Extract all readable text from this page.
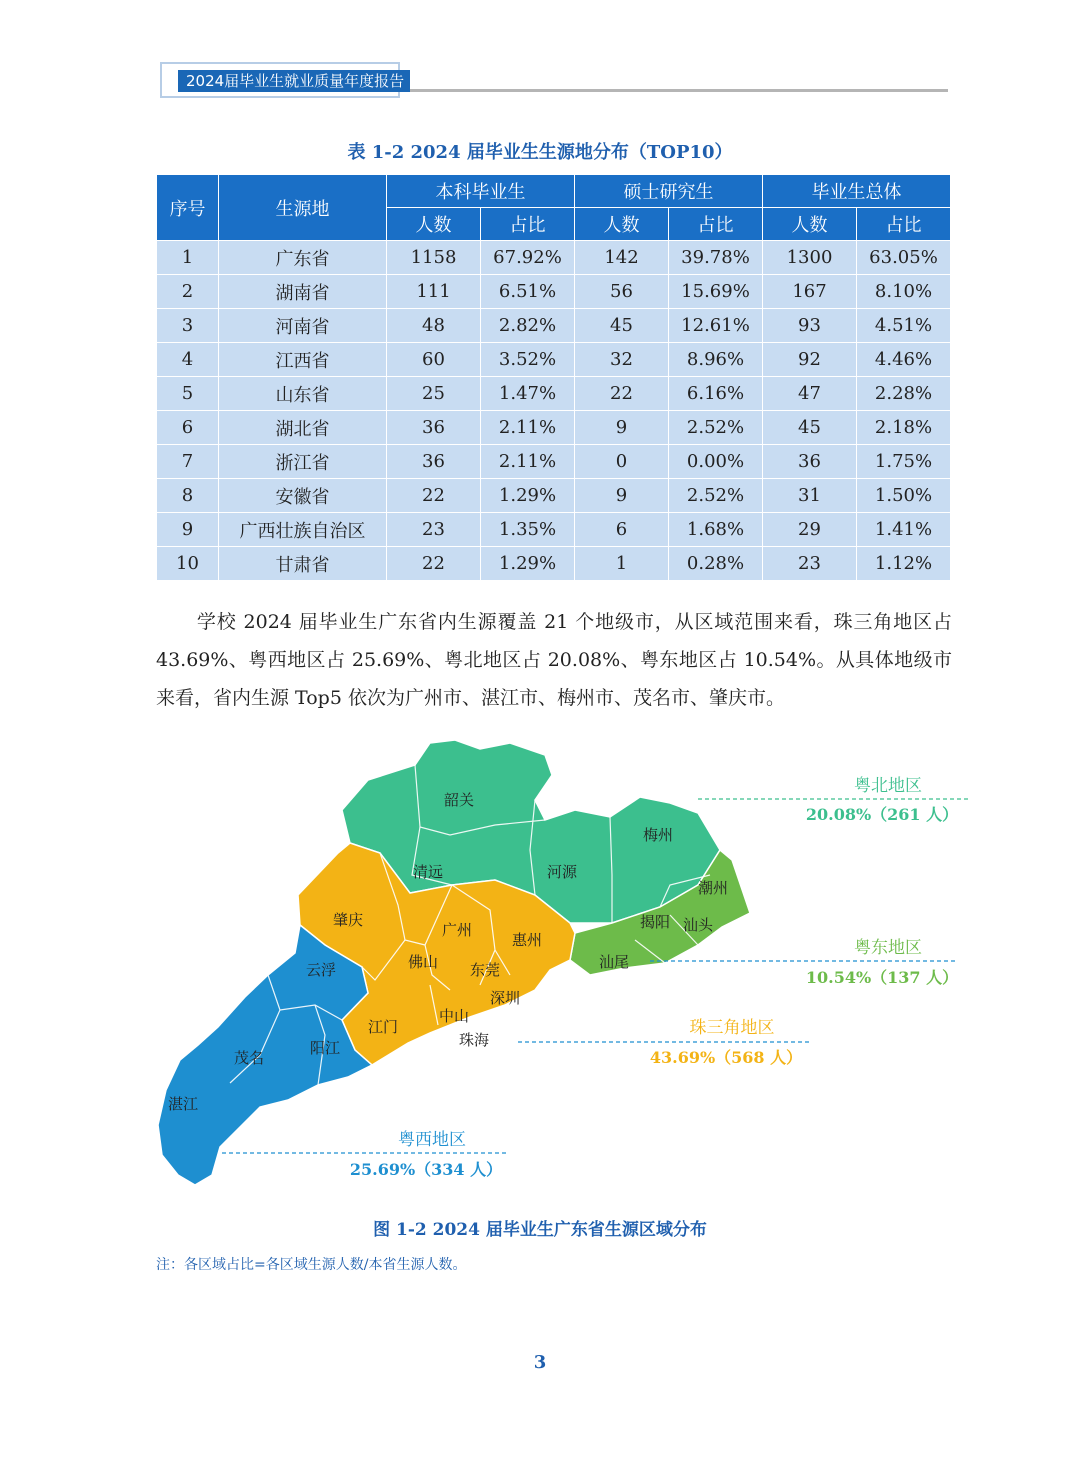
2024届毕业生就业质量年度报告
表 1-2 2024 届毕业生生源地分布（TOP10）
序号	生源地	本科毕业生		硕士研究生		毕业生总体	
		人数	占比	人数	占比	人数	占比
1	广东省	1158	67.92%	142	39.78%	1300	63.05%
2	湖南省	111	6.51%	56	15.69%	167	8.10%
3	河南省	48	2.82%	45	12.61%	93	4.51%
4	江西省	60	3.52%	32	8.96%	92	4.46%
5	山东省	25	1.47%	22	6.16%	47	2.28%
6	湖北省	36	2.11%	9	2.52%	45	2.18%
7	浙江省	36	2.11%	0	0.00%	36	1.75%
8	安徽省	22	1.29%	9	2.52%	31	1.50%
9	广西壮族自治区	23	1.35%	6	1.68%	29	1.41%
10	甘肃省	22	1.29%	1	0.28%	23	1.12%
学校 2024 届毕业生广东省内生源覆盖 21 个地级市，从区域范围来看，珠三角地区占 43.69%、粤西地区占 25.69%、粤北地区占 20.08%、粤东地区占 10.54%。从具体地级市来看，省内生源 Top5 依次为广州市、湛江市、梅州市、茂名市、肇庆市。
韶关
清远	河源
梅州
潮州
揭阳 汕头
汕尾
肇庆
广州
惠州
佛山 东莞
深圳
江门
中山
珠海
云浮
阳江
茂名
湛江
粤北地区
20.08%（261 人）
粤东地区
10.54%（137 人）
珠三角地区
43.69%（568 人）
粤西地区
25.69%（334 人）
图 1-2 2024 届毕业生广东省生源区域分布
注：各区域占比=各区域生源人数/本省生源人数。
3
